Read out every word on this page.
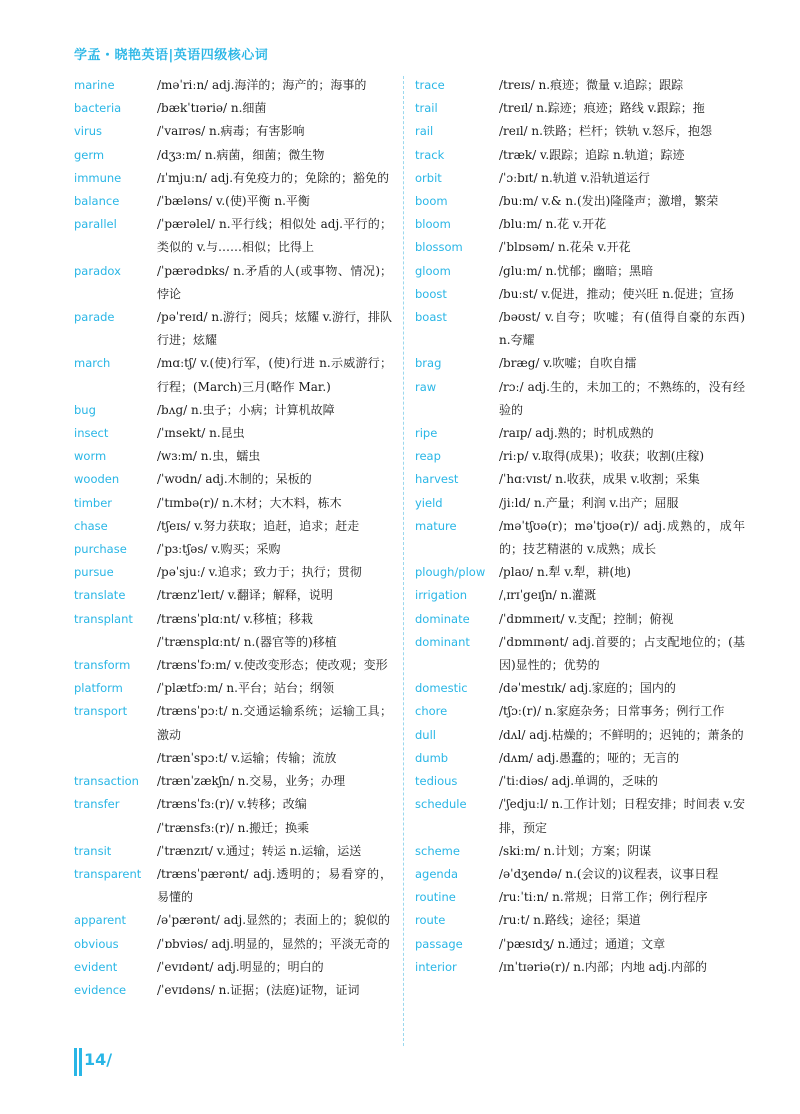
学孟・晓艳英语|英语四级核心词
marine	/məˈriːn/ adj.海洋的；海产的；海事的
bacteria	/bækˈtɪəriə/ n.细菌
virus	/ˈvaɪrəs/ n.病毒；有害影响
germ	/dʒɜːm/ n.病菌，细菌；微生物
immune	/ɪˈmjuːn/ adj.有免疫力的；免除的；豁免的
balance	/ˈbæləns/ v.(使)平衡 n.平衡
parallel	/ˈpærəlel/ n.平行线；相似处 adj.平行的；类似的 v.与……相似；比得上
paradox	/ˈpærədɒks/ n.矛盾的人(或事物、情况)；悖论
parade	/pəˈreɪd/ n.游行；阅兵；炫耀 v.游行，排队行进；炫耀
march	/mɑːtʃ/ v.(使)行军，(使)行进 n.示威游行；行程；(March)三月(略作 Mar.)
bug	/bʌg/ n.虫子；小病；计算机故障
insect	/ˈɪnsekt/ n.昆虫
worm	/wɜːm/ n.虫，蠕虫
wooden	/ˈwʊdn/ adj.木制的；呆板的
timber	/ˈtɪmbə(r)/ n.木材；大木料，栋木
chase	/tʃeɪs/ v.努力获取；追赶，追求；赶走
purchase	/ˈpɜːtʃəs/ v.购买；采购
pursue	/pəˈsjuː/ v.追求；致力于；执行；贯彻
translate	/trænzˈleɪt/ v.翻译；解释，说明
transplant /trænsˈplɑːnt/ v.移植；移栽
/ˈtrænsplɑːnt/ n.(器官等的)移植
transform /trænsˈfɔːm/ v.使改变形态；使改观；变形
platform	/ˈplætfɔːm/ n.平台；站台；纲领
transport /trænsˈpɔːt/ n.交通运输系统；运输工具；激动
/trænˈspɔːt/ v.运输；传输；流放
transaction /trænˈzækʃn/ n.交易，业务；办理
transfer	/trænsˈfɜː(r)/ v.转移；改编
/ˈtrænsfɜː(r)/ n.搬迁；换乘
transit	/ˈtrænzɪt/ v.通过；转运 n.运输，运送
transparent /trænsˈpærənt/ adj.透明的；易看穿的，易懂的
apparent	/əˈpærənt/ adj.显然的；表面上的；貌似的
obvious	/ˈɒbviəs/ adj.明显的，显然的；平淡无奇的
evident	/ˈevɪdənt/ adj.明显的；明白的
evidence	/ˈevɪdəns/ n.证据；(法庭)证物，证词
trace	/treɪs/ n.痕迹；微量 v.追踪；跟踪
trail	/treɪl/ n.踪迹；痕迹；路线 v.跟踪；拖
rail	/reɪl/ n.铁路；栏杆；铁轨 v.怒斥，抱怨
track	/træk/ v.跟踪；追踪 n.轨道；踪迹
orbit	/ˈɔːbɪt/ n.轨道 v.沿轨道运行
boom	/buːm/ v.& n.(发出)隆隆声；激增，繁荣
bloom	/bluːm/ n.花 v.开花
blossom	/ˈblɒsəm/ n.花朵 v.开花
gloom	/gluːm/ n.忧郁；幽暗；黑暗
boost	/buːst/ v.促进，推动；使兴旺 n.促进；宣扬
boast	/bəʊst/ v.自夸；吹嘘；有(值得自豪的东西) n.夸耀
brag	/bræg/ v.吹嘘；自吹自擂
raw	/rɔː/ adj.生的，未加工的；不熟练的，没有经验的
ripe	/raɪp/ adj.熟的；时机成熟的
reap	/riːp/ v.取得(成果)；收获；收割(庄稼)
harvest	/ˈhɑːvɪst/ n.收获，成果 v.收割；采集
yield	/jiːld/ n.产量；利润 v.出产；屈服
mature	/məˈtʃʊə(r)；məˈtjʊə(r)/ adj.成熟的，成年的；技艺精湛的 v.成熟；成长
plough/plow /plaʊ/ n.犁 v.犁，耕(地)
irrigation	/ˌɪrɪˈgeɪʃn/ n.灌溉
dominate /ˈdɒmɪneɪt/ v.支配；控制；俯视
dominant /ˈdɒmɪnənt/ adj.首要的；占支配地位的；(基因)显性的；优势的
domestic	/dəˈmestɪk/ adj.家庭的；国内的
chore	/tʃɔː(r)/ n.家庭杂务；日常事务；例行工作
dull	/dʌl/ adj.枯燥的；不鲜明的；迟钝的；萧条的
dumb	/dʌm/ adj.愚蠢的；哑的；无言的
tedious	/ˈtiːdiəs/ adj.单调的，乏味的
schedule	/ˈʃedjuːl/ n.工作计划；日程安排；时间表 v.安排，预定
scheme	/skiːm/ n.计划；方案；阴谋
agenda	/əˈdʒendə/ n.(会议的)议程表，议事日程
routine	/ruːˈtiːn/ n.常规；日常工作；例行程序
route	/ruːt/ n.路线；途径；渠道
passage	/ˈpæsɪdʒ/ n.通过；通道；文章
interior	/ɪnˈtɪəriə(r)/ n.内部；内地 adj.内部的
14/
